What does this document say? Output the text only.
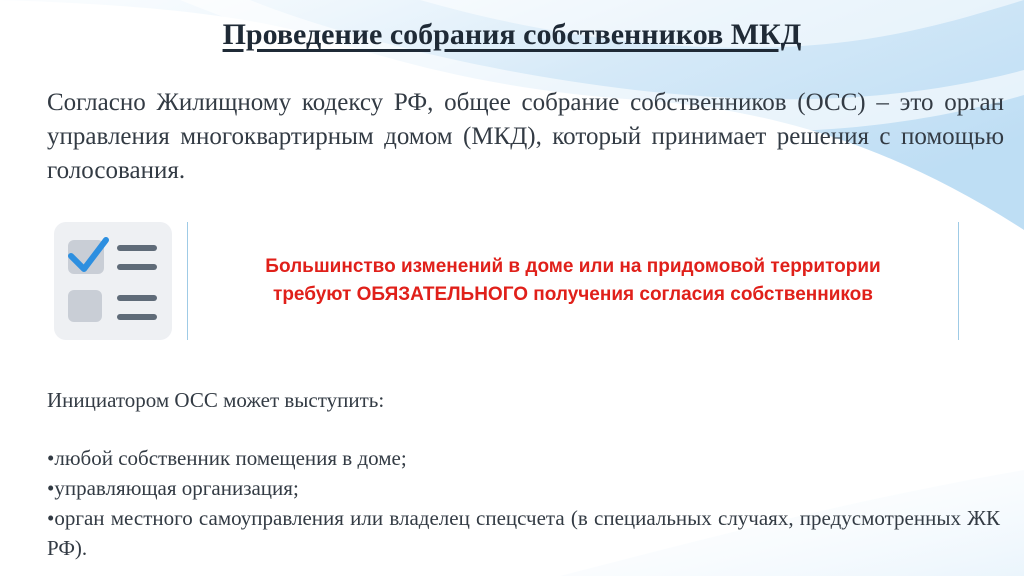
Проведение собрания собственников МКД
Согласно Жилищному кодексу РФ, общее собрание собственников (ОСС) – это орган управления многоквартирным домом (МКД), который принимает решения с помощью голосования.
Большинство изменений в доме или на придомовой территории
требуют ОБЯЗАТЕЛЬНОГО получения согласия собственников
Инициатором ОСС может выступить:
•любой собственник помещения в доме;
•управляющая организация;
•орган местного самоуправления или владелец спецсчета (в специальных случаях, предусмотренных ЖК РФ).
